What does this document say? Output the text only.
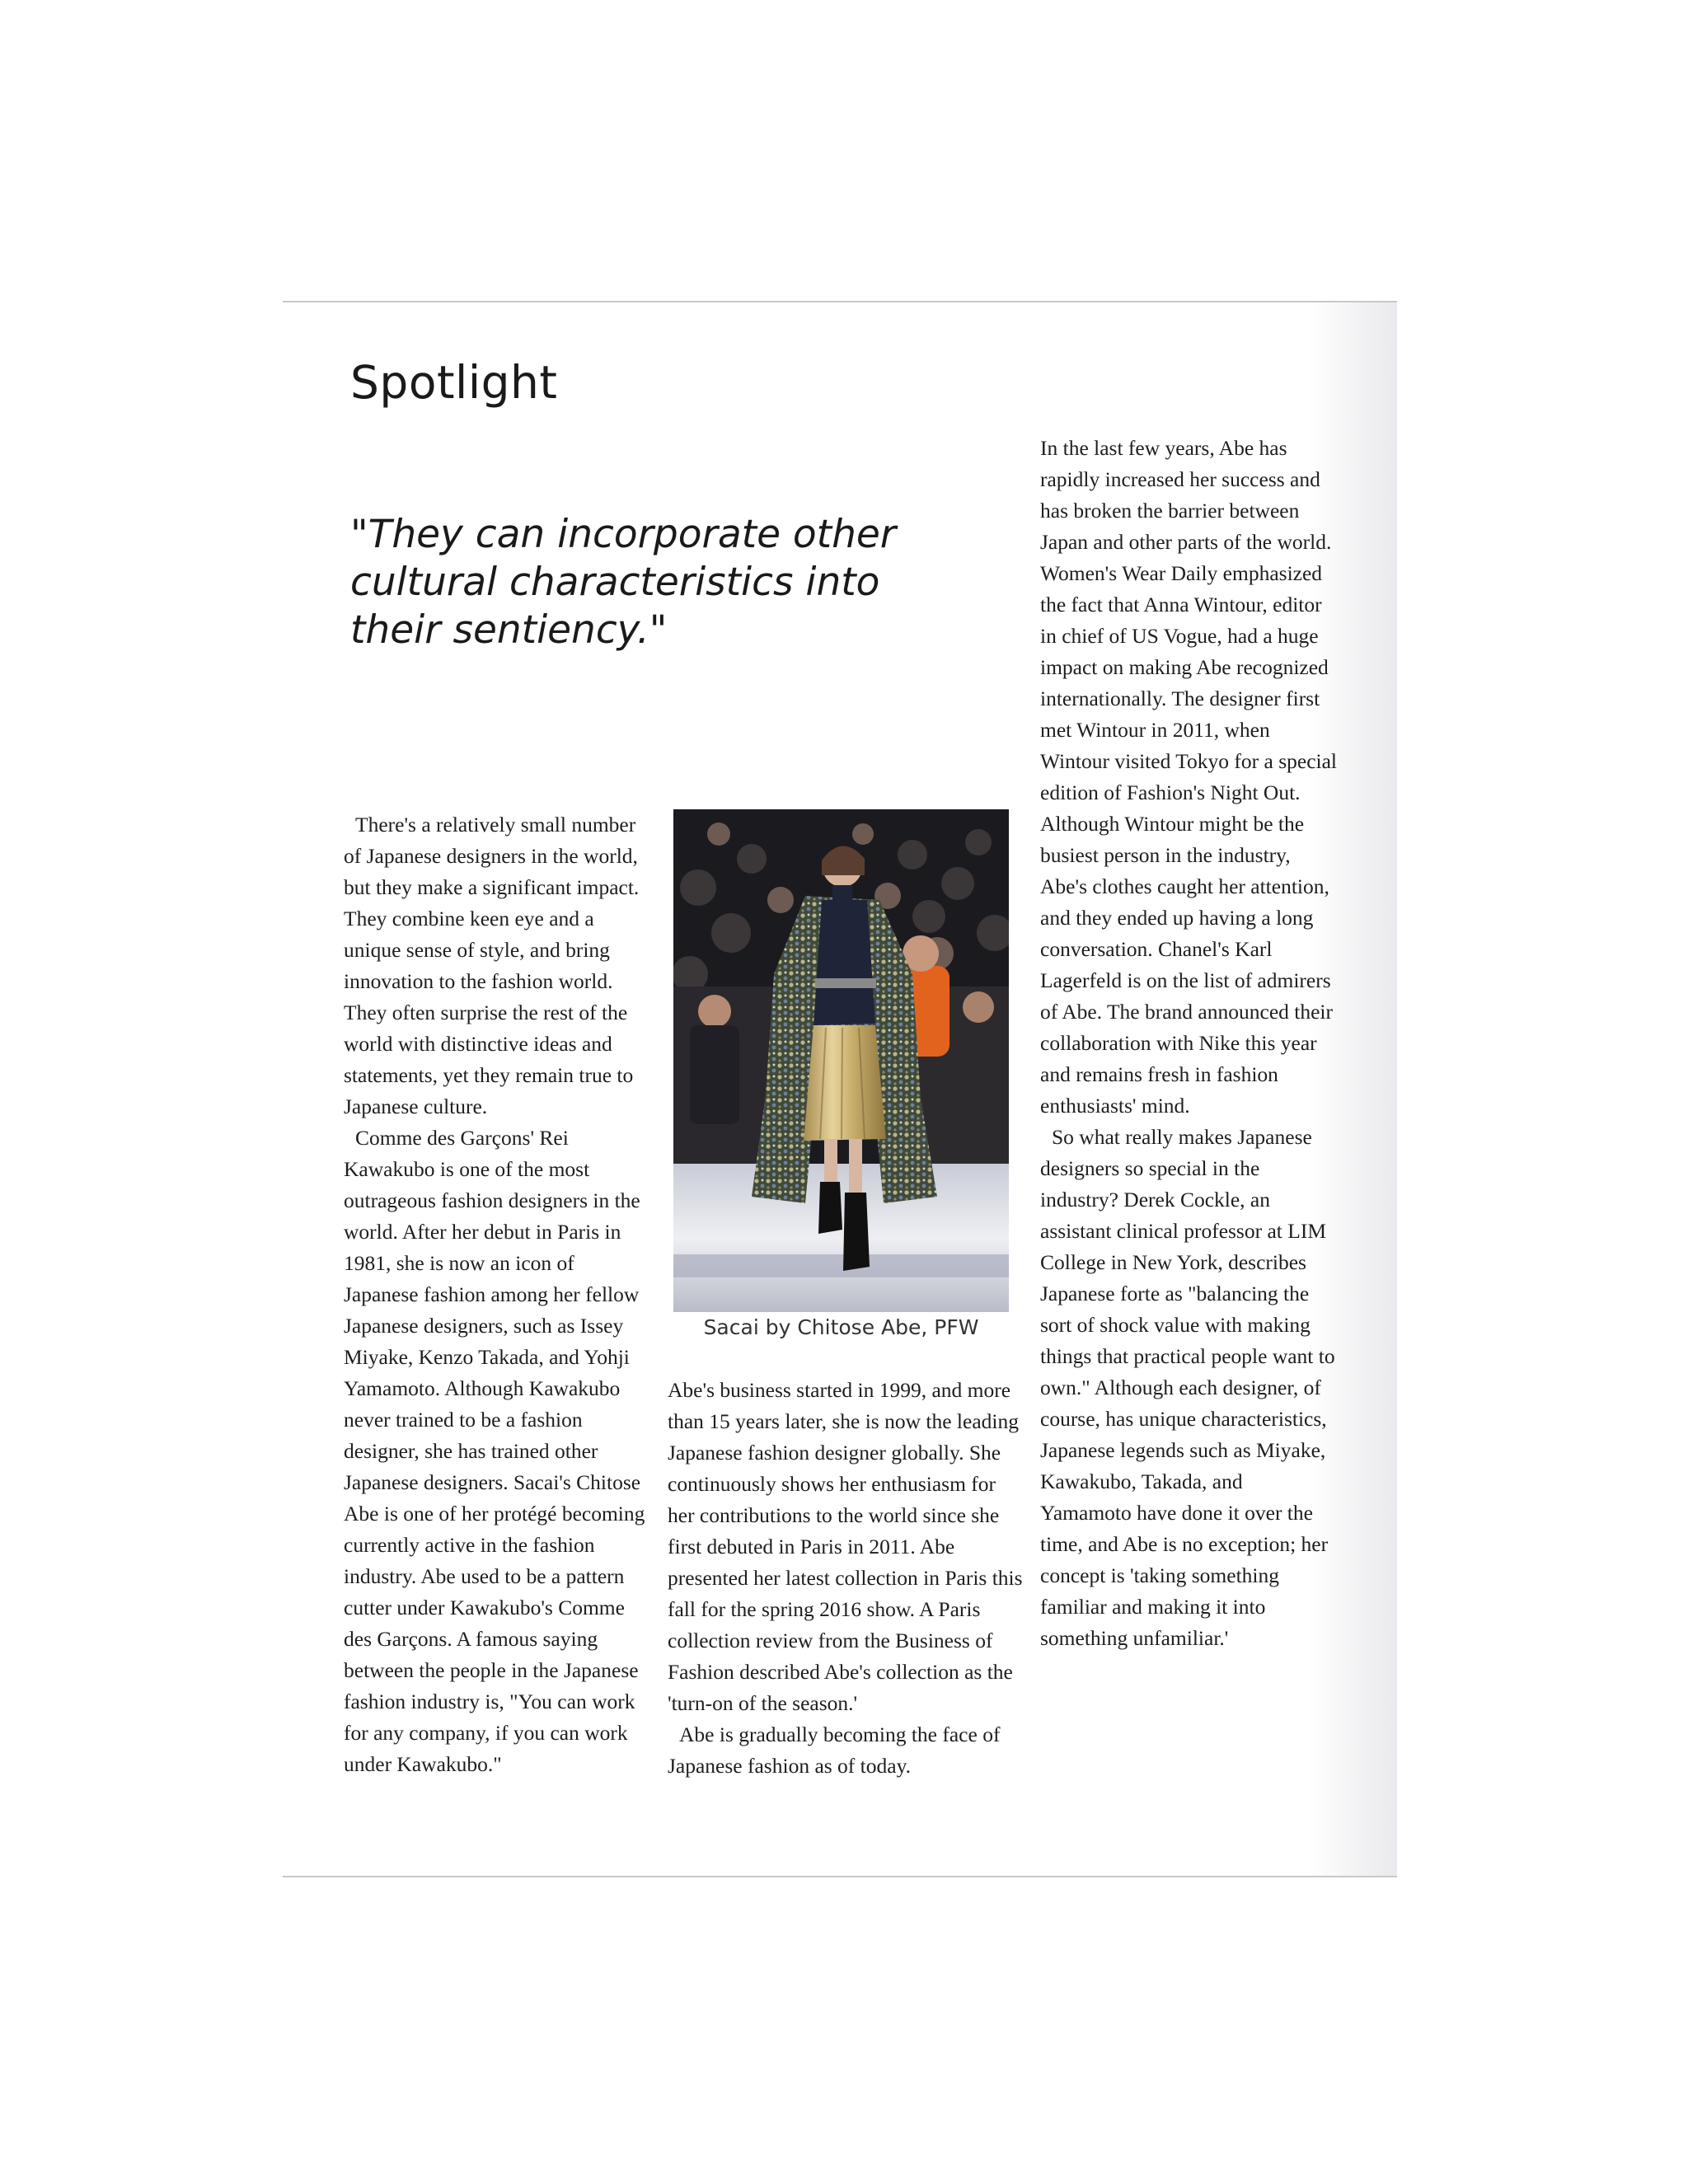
Spotlight

"They can incorporate other cultural characteristics into their sentiency."

There's a relatively small number of Japanese designers in the world, but they make a significant impact. They combine keen eye and a unique sense of style, and bring innovation to the fashion world. They often surprise the rest of the world with distinctive ideas and statements, yet they remain true to Japanese culture.

Comme des Garçons' Rei Kawakubo is one of the most outrageous fashion designers in the world. After her debut in Paris in 1981, she is now an icon of Japanese fashion among her fellow Japanese designers, such as Issey Miyake, Kenzo Takada, and Yohji Yamamoto. Although Kawakubo never trained to be a fashion designer, she has trained other Japanese designers. Sacai's Chitose Abe is one of her protégé becoming currently active in the fashion industry. Abe used to be a pattern cutter under Kawakubo's Comme des Garçons. A famous saying between the people in the Japanese fashion industry is, "You can work for any company, if you can work under Kawakubo."

Sacai by Chitose Abe, PFW

Abe's business started in 1999, and more than 15 years later, she is now the leading Japanese fashion designer globally. She continuously shows her enthusiasm for her contributions to the world since she first debuted in Paris in 2011. Abe presented her latest collection in Paris this fall for the spring 2016 show. A Paris collection review from the Business of Fashion described Abe's collection as the 'turn-on of the season.'

Abe is gradually becoming the face of Japanese fashion as of today.

In the last few years, Abe has rapidly increased her success and has broken the barrier between Japan and other parts of the world. Women's Wear Daily emphasized the fact that Anna Wintour, editor in chief of US Vogue, had a huge impact on making Abe recognized internationally. The designer first met Wintour in 2011, when Wintour visited Tokyo for a special edition of Fashion's Night Out. Although Wintour might be the busiest person in the industry, Abe's clothes caught her attention, and they ended up having a long conversation. Chanel's Karl Lagerfeld is on the list of admirers of Abe. The brand announced their collaboration with Nike this year and remains fresh in fashion enthusiasts' mind.

So what really makes Japanese designers so special in the industry? Derek Cockle, an assistant clinical professor at LIM College in New York, describes Japanese forte as "balancing the sort of shock value with making things that practical people want to own." Although each designer, of course, has unique characteristics, Japanese legends such as Miyake, Kawakubo, Takada, and Yamamoto have done it over the time, and Abe is no exception; her concept is 'taking something familiar and making it into something unfamiliar.'
